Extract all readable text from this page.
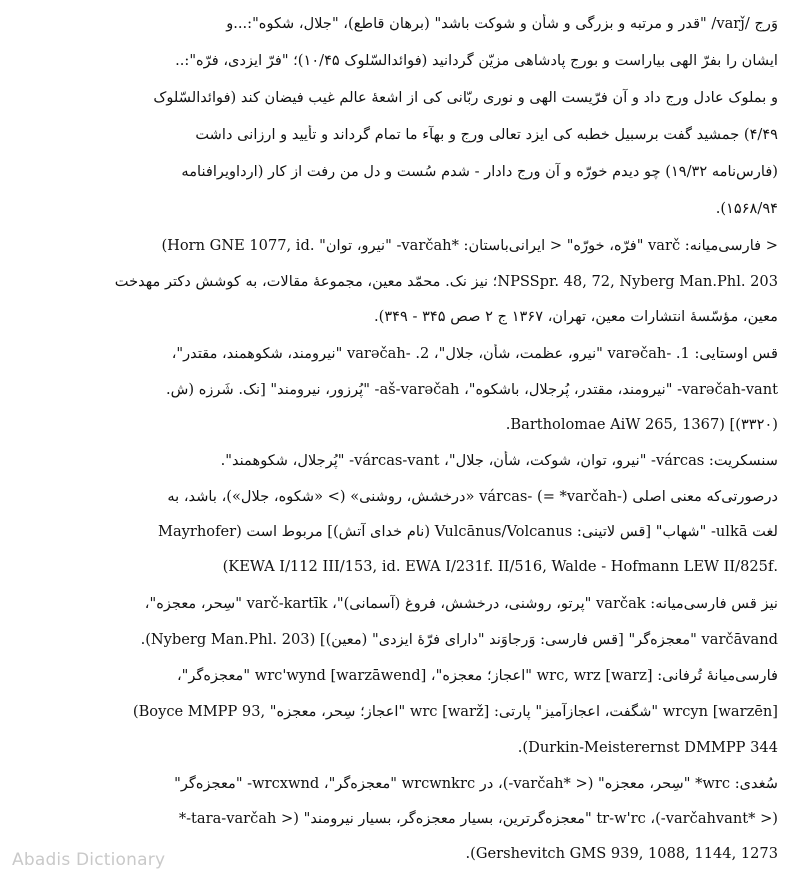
وَرج /varǰ/ "قدر و مرتبه و بزرگی و شأن و شوکت باشد" (برهان قاطع)، "جلال، شکوه":...و
ایشان را بفرّ الهی بیاراست و بورج پادشاهی مزیّن گردانید (فوائدالسّلوک ۱۰/۴۵)؛ "فرّ ایزدی، فرّه":..
و بملوک عادل ورج داد و آن فرّیست الهی و نوری ربّانی کی از اشعهٔ عالم غیب فیضان کند (فوائدالسّلوک
۴/۴۹) جمشید گفت برسبیل خطبه کی ایزد تعالی ورج و بهآء ما تمام گرداند و تأیید و ارزانی داشت
(فارس‌نامه ۱۹/۳۲) چو دیدم خورّه و آن ورج دادار - شدم سُست و دل من رفت از کار (ارداویرافنامه
۱۵۶۸/۹۴).
< فارسی‌میانه: varč "فرّه، خورّه" < ایرانی‌باستان: *varčah- "نیرو، توان" .Horn GNE 1077, id)
NPSSpr. 48, 72, Nyberg Man.Phl. 203؛ نیز نک. محمّد معین، مجموعهٔ مقالات، به کوشش دکتر مهدخت
معین، مؤسّسهٔ انتشارات معین، تهران، ۱۳۶۷ ج ۲ صص ۳۴۵ - ۳۴۹).
قس اوستایی: varəčah- .1 "نیرو، عظمت، شأن، جلال"، varəčah- .2 "نیرومند، شکوهمند، مقتدر"،
varəčah-vant- "نیرومند، مقتدر، پُرجلال، باشکوه"، aš-varəčah- "پُرزور، نیرومند" [نک. شَرزه (ش.
Bartholomae AiW 265, 1367) [(۳۳۲۰).
سنسکریت: várcas- "نیرو، توان، شوکت، شأن، جلال"، várcas-vant- "پُرجلال، شکوهمند".
درصورتی‌که معنی اصلی várcas- (= *varčah-) «درخشش، روشنی» (> «شکوه، جلال»)، باشد، به
لغت ulkā- "شهاب" [قس لاتینی: Vulcānus/Volcanus (نام خدای آتش)] مربوط است (Mayrhofer
.KEWA I/112 III/153, id. EWA I/231f. II/516, Walde - Hofmann LEW II/825f)
نیز قس فارسی‌میانه: varčak "پرتو، روشنی، درخشش، فروغ (آسمانی)"، varč-kartīk "سِحر، معجزه"،
varčāvand "معجزه‌گر" [قس فارسی: وَرجاوَند "دارای فرّهٔ ایزدی" (معین)] (Nyberg Man.Phl. 203).
فارسی‌میانهٔ تُرفانی: wrc, wrz [warz] "اعجاز؛ معجزه"، wrc'wynd [warzāwend] "معجزه‌گر"،
wrcyn [warzēn] "شگفت، اعجازآمیز" پارتی: wrc [warž] "اعجاز؛ سِحر، معجزه" ,Boyce MMPP 93)
Durkin-Meisterernst DMMPP 344).
سُغدی: wrc* "سِحر، معجزه" (< *varčah-)، در wrcwnkrc "معجزه‌گر"، wrcxwnd- "معجزه‌گر"
(< *varčahvant-)، tr-w'rc "معجزه‌گرترین، بسیار معجزه‌گر، بسیار نیرومند" (< tara-varčah-*
Gershevitch GMS 939, 1088, 1144, 1273).
Abadis Dictionary
